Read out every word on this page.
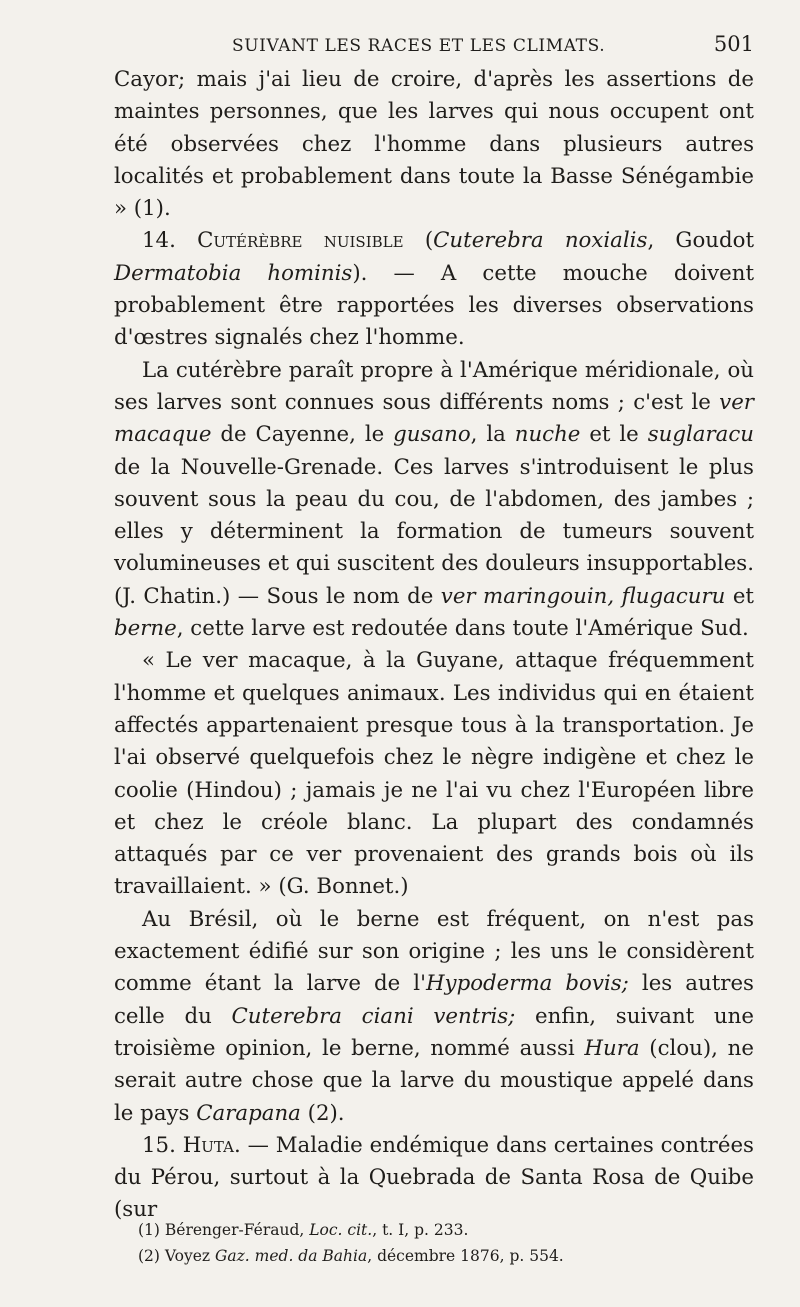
SUIVANT LES RACES ET LES CLIMATS.	501

Cayor; mais j'ai lieu de croire, d'après les assertions de maintes personnes, que les larves qui nous occupent ont été observées chez l'homme dans plusieurs autres localités et probablement dans toute la Basse Sénégambie » (1).

14. Cutérèbre nuisible (Cuterebra noxialis, Goudot Dermatobia hominis). — A cette mouche doivent probablement être rapportées les diverses observations d'œstres signalés chez l'homme.

La cutérèbre paraît propre à l'Amérique méridionale, où ses larves sont connues sous différents noms ; c'est le ver macaque de Cayenne, le gusano, la nuche et le suglaracu de la Nouvelle-Grenade. Ces larves s'introduisent le plus souvent sous la peau du cou, de l'abdomen, des jambes ; elles y déterminent la formation de tumeurs souvent volumineuses et qui suscitent des douleurs insupportables. (J. Chatin.) — Sous le nom de ver maringouin, flugacuru et berne, cette larve est redoutée dans toute l'Amérique Sud.

« Le ver macaque, à la Guyane, attaque fréquemment l'homme et quelques animaux. Les individus qui en étaient affectés appartenaient presque tous à la transportation. Je l'ai observé quelquefois chez le nègre indigène et chez le coolie (Hindou) ; jamais je ne l'ai vu chez l'Européen libre et chez le créole blanc. La plupart des condamnés attaqués par ce ver provenaient des grands bois où ils travaillaient. » (G. Bonnet.)

Au Brésil, où le berne est fréquent, on n'est pas exactement édifié sur son origine ; les uns le considèrent comme étant la larve de l'Hypoderma bovis; les autres celle du Cuterebra ciani ventris; enfin, suivant une troisième opinion, le berne, nommé aussi Hura (clou), ne serait autre chose que la larve du moustique appelé dans le pays Carapana (2).

15. Huta. — Maladie endémique dans certaines contrées du Pérou, surtout à la Quebrada de Santa Rosa de Quibe (sur

(1) Bérenger-Féraud, Loc. cit., t. I, p. 233.

(2) Voyez Gaz. med. da Bahia, décembre 1876, p. 554.
